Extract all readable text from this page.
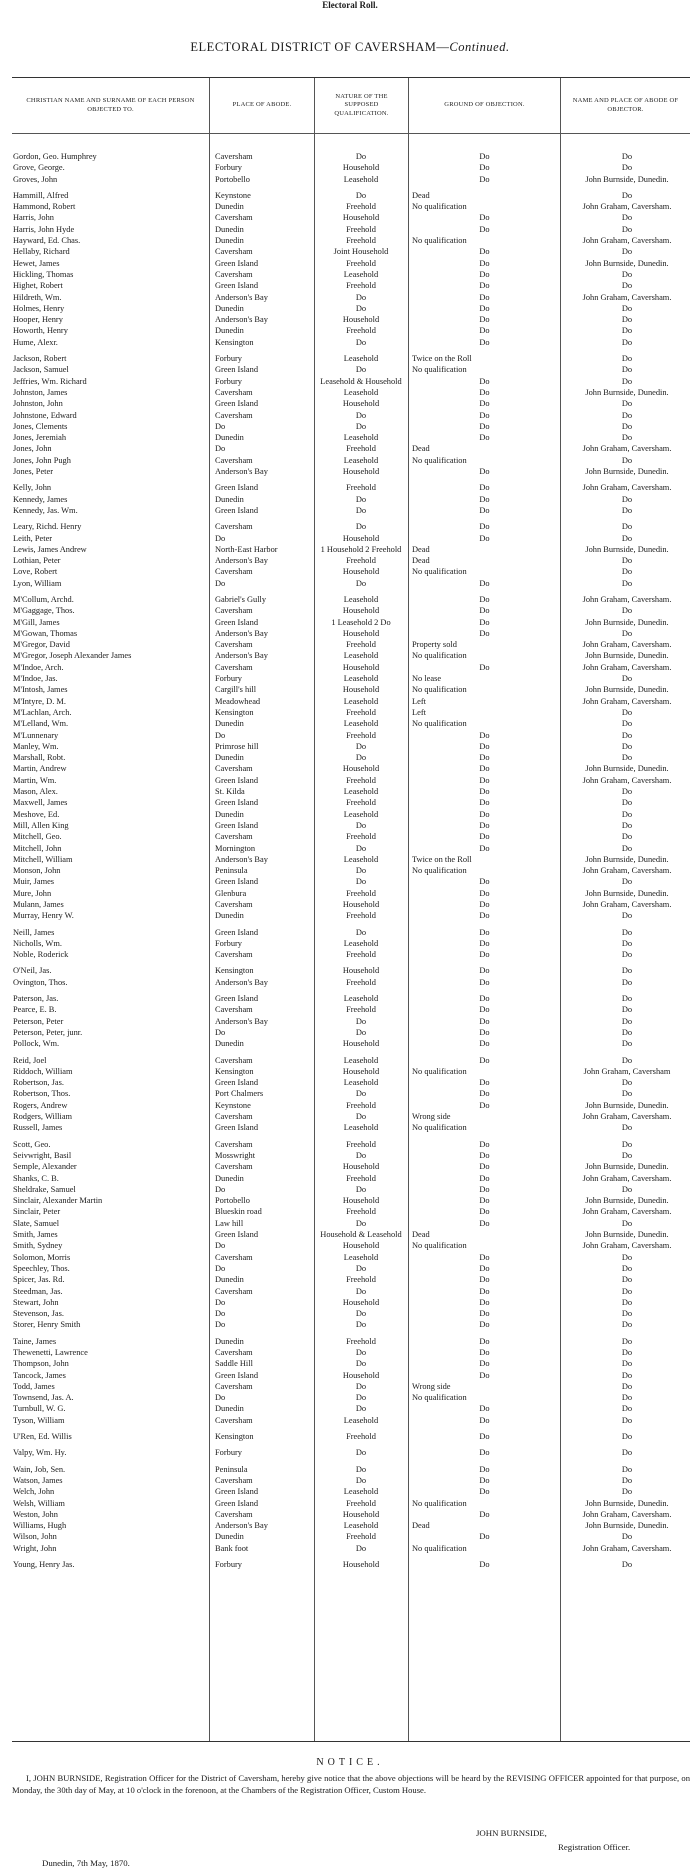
Electoral Roll.
ELECTORAL DISTRICT OF CAVERSHAM—Continued.
CHRISTIAN NAME AND SURNAME OF EACH PERSON OBJECTED TO.
PLACE OF ABODE.
NATURE OF THE SUPPOSED QUALIFICATION.
GROUND OF OBJECTION.
NAME AND PLACE OF ABODE OF OBJECTOR.
Gordon, Geo. Humphrey	Caversham	Do	Do	Do
Grove, George.	Forbury	Household	Do	Do
Groves, John	Portobello	Leasehold	Do	John Burnside, Dunedin.
Hammill, Alfred	Keynstone	Do	Dead	Do
Hammond, Robert	Dunedin	Freehold	No qualification	John Graham, Caversham.
Harris, John	Caversham	Household	Do	Do
Harris, John Hyde	Dunedin	Freehold	Do	Do
Hayward, Ed. Chas.	Dunedin	Freehold	No qualification	John Graham, Caversham.
Hellaby, Richard	Caversham	Joint Household	Do	Do
Hewet, James	Green Island	Freehold	Do	John Burnside, Dunedin.
Hickling, Thomas	Caversham	Leasehold	Do	Do
Highet, Robert	Green Island	Freehold	Do	Do
Hildreth, Wm.	Anderson's Bay	Do	Do	John Graham, Caversham.
Holmes, Henry	Dunedin	Do	Do	Do
Hooper, Henry	Anderson's Bay	Household	Do	Do
Howorth, Henry	Dunedin	Freehold	Do	Do
Hume, Alexr.	Kensington	Do	Do	Do
Jackson, Robert	Forbury	Leasehold	Twice on the Roll	Do
Jackson, Samuel	Green Island	Do	No qualification	Do
Jeffries, Wm. Richard	Forbury	Leasehold & Household	Do	Do
Johnston, James	Caversham	Leasehold	Do	John Burnside, Dunedin.
Johnston, John	Green Island	Household	Do	Do
Johnstone, Edward	Caversham	Do	Do	Do
Jones, Clements	Do	Do	Do	Do
Jones, Jeremiah	Dunedin	Leasehold	Do	Do
Jones, John	Do	Freehold	Dead	John Graham, Caversham.
Jones, John Pugh	Caversham	Leasehold	No qualification	Do
Jones, Peter	Anderson's Bay	Household	Do	John Burnside, Dunedin.
Kelly, John	Green Island	Freehold	Do	John Graham, Caversham.
Kennedy, James	Dunedin	Do	Do	Do
Kennedy, Jas. Wm.	Green Island	Do	Do	Do
Leary, Richd. Henry	Caversham	Do	Do	Do
Leith, Peter	Do	Household	Do	Do
Lewis, James Andrew	North-East Harbor	1 Household 2 Freehold	Dead	John Burnside, Dunedin.
Lothian, Peter	Anderson's Bay	Freehold	Dead	Do
Love, Robert	Caversham	Household	No qualification	Do
Lyon, William	Do	Do	Do	Do
M'Collum, Archd.	Gabriel's Gully	Leasehold	Do	John Graham, Caversham.
M'Gaggage, Thos.	Caversham	Household	Do	Do
M'Gill, James	Green Island	1 Leasehold 2 Do	Do	John Burnside, Dunedin.
M'Gowan, Thomas	Anderson's Bay	Household	Do	Do
M'Gregor, David	Caversham	Freehold	Property sold	John Graham, Caversham.
M'Gregor, Joseph Alexander James	Anderson's Bay	Leasehold	No qualification	John Burnside, Dunedin.
M'Indoe, Arch.	Caversham	Household	Do	John Graham, Caversham.
M'Indoe, Jas.	Forbury	Leasehold	No lease	Do
M'Intosh, James	Cargill's hill	Household	No qualification	John Burnside, Dunedin.
M'Intyre, D. M.	Meadowhead	Leasehold	Left	John Graham, Caversham.
M'Lachlan, Arch.	Kensington	Freehold	Left	Do
M'Lelland, Wm.	Dunedin	Leasehold	No qualification	Do
M'Lunnenary	Do	Freehold	Do	Do
Manley, Wm.	Primrose hill	Do	Do	Do
Marshall, Robt.	Dunedin	Do	Do	Do
Martin, Andrew	Caversham	Household	Do	John Burnside, Dunedin.
Martin, Wm.	Green Island	Freehold	Do	John Graham, Caversham.
Mason, Alex.	St. Kilda	Leasehold	Do	Do
Maxwell, James	Green Island	Freehold	Do	Do
Meshove, Ed.	Dunedin	Leasehold	Do	Do
Mill, Allen King	Green Island	Do	Do	Do
Mitchell, Geo.	Caversham	Freehold	Do	Do
Mitchell, John	Mornington	Do	Do	Do
Mitchell, William	Anderson's Bay	Leasehold	Twice on the Roll	John Burnside, Dunedin.
Monson, John	Peninsula	Do	No qualification	John Graham, Caversham.
Muir, James	Green Island	Do	Do	Do
Mure, John	Glenbura	Freehold	Do	John Burnside, Dunedin.
Mulann, James	Caversham	Household	Do	John Graham, Caversham.
Murray, Henry W.	Dunedin	Freehold	Do	Do
Neill, James	Green Island	Do	Do	Do
Nicholls, Wm.	Forbury	Leasehold	Do	Do
Noble, Roderick	Caversham	Freehold	Do	Do
O'Neil, Jas.	Kensington	Household	Do	Do
Ovington, Thos.	Anderson's Bay	Freehold	Do	Do
Paterson, Jas.	Green Island	Leasehold	Do	Do
Pearce, E. B.	Caversham	Freehold	Do	Do
Peterson, Peter	Anderson's Bay	Do	Do	Do
Peterson, Peter, junr.	Do	Do	Do	Do
Pollock, Wm.	Dunedin	Household	Do	Do
Reid, Joel	Caversham	Leasehold	Do	Do
Riddoch, William	Kensington	Household	No qualification	John Graham, Caversham
Robertson, Jas.	Green Island	Leasehold	Do	Do
Robertson, Thos.	Port Chalmers	Do	Do	Do
Rogers, Andrew	Keynstone	Freehold	Do	John Burnside, Dunedin.
Rodgers, William	Caversham	Do	Wrong side	John Graham, Caversham.
Russell, James	Green Island	Leasehold	No qualification	Do
Scott, Geo.	Caversham	Freehold	Do	Do
Seivwright, Basil	Mosswright	Do	Do	Do
Semple, Alexander	Caversham	Household	Do	John Burnside, Dunedin.
Shanks, C. B.	Dunedin	Freehold	Do	John Graham, Caversham.
Sheldrake, Samuel	Do	Do	Do	Do
Sinclair, Alexander Martin	Portobello	Household	Do	John Burnside, Dunedin.
Sinclair, Peter	Blueskin road	Freehold	Do	John Graham, Caversham.
Slate, Samuel	Law hill	Do	Do	Do
Smith, James	Green Island	Household & Leasehold	Dead	John Burnside, Dunedin.
Smith, Sydney	Do	Household	No qualification	John Graham, Caversham.
Solomon, Morris	Caversham	Leasehold	Do	Do
Speechley, Thos.	Do	Do	Do	Do
Spicer, Jas. Rd.	Dunedin	Freehold	Do	Do
Steedman, Jas.	Caversham	Do	Do	Do
Stewart, John	Do	Household	Do	Do
Stevenson, Jas.	Do	Do	Do	Do
Storer, Henry Smith	Do	Do	Do	Do
Taine, James	Dunedin	Freehold	Do	Do
Thewenetti, Lawrence	Caversham	Do	Do	Do
Thompson, John	Saddle Hill	Do	Do	Do
Tancock, James	Green Island	Household	Do	Do
Todd, James	Caversham	Do	Wrong side	Do
Townsend, Jas. A.	Do	Do	No qualification	Do
Turnbull, W. G.	Dunedin	Do	Do	Do
Tyson, William	Caversham	Leasehold	Do	Do
U'Ren, Ed. Willis	Kensington	Freehold	Do	Do
Valpy, Wm. Hy.	Forbury	Do	Do	Do
Wain, Job, Sen.	Peninsula	Do	Do	Do
Watson, James	Caversham	Do	Do	Do
Welch, John	Green Island	Leasehold	Do	Do
Welsh, William	Green Island	Freehold	No qualification	John Burnside, Dunedin.
Weston, John	Caversham	Household	Do	John Graham, Caversham.
Williams, Hugh	Anderson's Bay	Leasehold	Dead	John Burnside, Dunedin.
Wilson, John	Dunedin	Freehold	Do	Do
Wright, John	Bank foot	Do	No qualification	John Graham, Caversham.
Young, Henry Jas.	Forbury	Household	Do	Do
NOTICE.
I, JOHN BURNSIDE, Registration Officer for the District of Caversham, hereby give notice that the above objections will be heard by the REVISING OFFICER appointed for that purpose, on Monday, the 30th day of May, at 10 o'clock in the forenoon, at the Chambers of the Registration Officer, Custom House.
JOHN BURNSIDE,
Registration Officer.
Dunedin, 7th May, 1870.
